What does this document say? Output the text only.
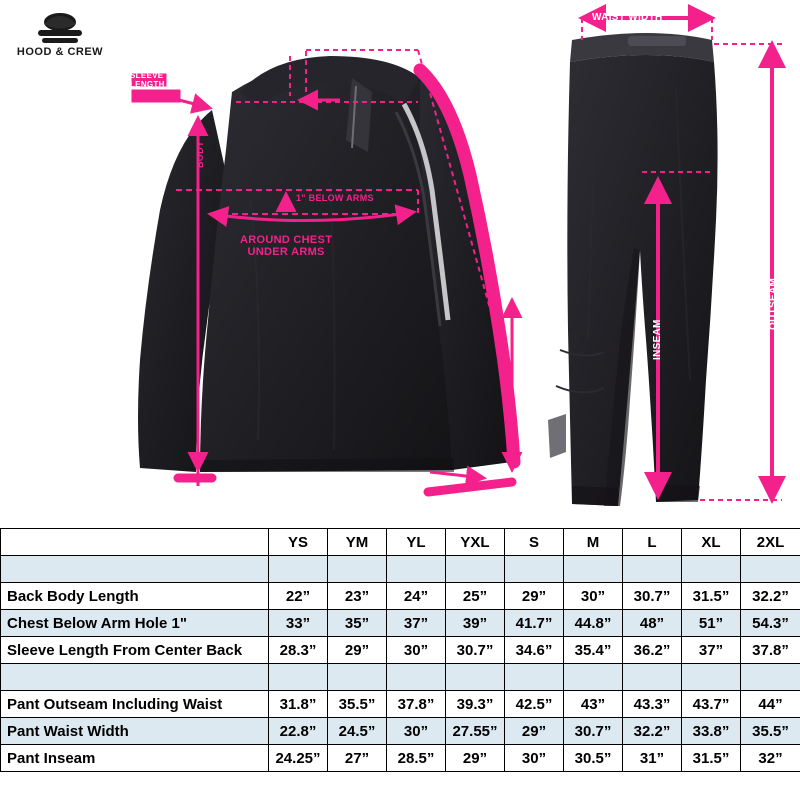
HOOD & CREW
SLEEVE
LENGTH
BODY
1" BELOW ARMS
AROUND CHEST
UNDER ARMS
WAIST WIDTH
INSEAM
OUTSEAM
	YS	YM	YL	YXL	S	M	L	XL	2XL

Back Body Length	22”	23”	24”	25”	29”	30”	30.7”	31.5”	32.2”
Chest Below Arm Hole 1"	33”	35”	37”	39”	41.7”	44.8”	48”	51”	54.3”
Sleeve Length From Center Back	28.3”	29”	30”	30.7”	34.6”	35.4”	36.2”	37”	37.8”

Pant Outseam Including Waist	31.8”	35.5”	37.8”	39.3”	42.5”	43”	43.3”	43.7”	44”
Pant Waist Width	22.8”	24.5”	30”	27.55”	29”	30.7”	32.2”	33.8”	35.5”
Pant Inseam	24.25”	27”	28.5”	29”	30”	30.5”	31”	31.5”	32”
